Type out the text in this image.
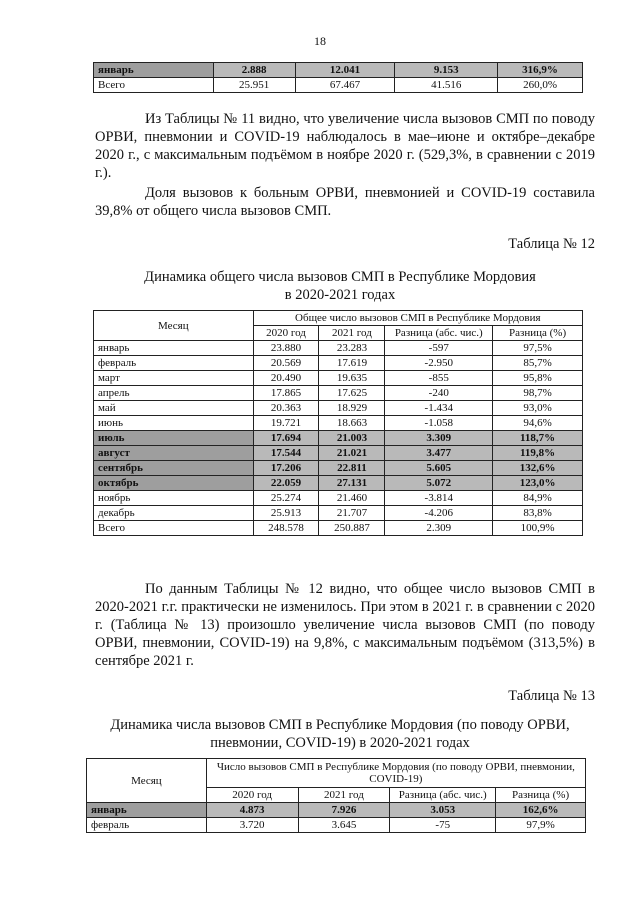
18
январь	2.888	12.041	9.153	316,9%
Всего	25.951	67.467	41.516	260,0%

Из Таблицы № 11 видно, что увеличение числа вызовов СМП по поводу ОРВИ, пневмонии и COVID-19 наблюдалось в мае–июне и октябре–декабре 2020 г., с максимальным подъёмом в ноябре 2020 г. (529,3%, в сравнении с 2019 г.).

Доля вызовов к больным ОРВИ, пневмонией и COVID-19 составила 39,8% от общего числа вызовов СМП.

Таблица № 12
Динамика общего числа вызовов СМП в Республике Мордовия
в 2020-2021 годах
Месяц	Общее число вызовов СМП в Республике Мордовия			
	2020 год	2021 год	Разница (абс. чис.)	Разница (%)
январь	23.880	23.283	-597	97,5%
февраль	20.569	17.619	-2.950	85,7%
март	20.490	19.635	-855	95,8%
апрель	17.865	17.625	-240	98,7%
май	20.363	18.929	-1.434	93,0%
июнь	19.721	18.663	-1.058	94,6%
июль	17.694	21.003	3.309	118,7%
август	17.544	21.021	3.477	119,8%
сентябрь	17.206	22.811	5.605	132,6%
октябрь	22.059	27.131	5.072	123,0%
ноябрь	25.274	21.460	-3.814	84,9%
декабрь	25.913	21.707	-4.206	83,8%
Всего	248.578	250.887	2.309	100,9%

По данным Таблицы № 12 видно, что общее число вызовов СМП в 2020-2021 г.г. практически не изменилось. При этом в 2021 г. в сравнении с 2020 г. (Таблица № 13) произошло увеличение числа вызовов СМП (по поводу ОРВИ, пневмонии, COVID-19) на 9,8%, с максимальным подъёмом (313,5%) в сентябре 2021 г.

Таблица № 13
Динамика числа вызовов СМП в Республике Мордовия (по поводу ОРВИ,
пневмонии, COVID-19) в 2020-2021 годах
Месяц	Число вызовов СМП в Республике Мордовия (по поводу ОРВИ, пневмонии, COVID-19)			
	2020 год	2021 год	Разница (абс. чис.)	Разница (%)
январь	4.873	7.926	3.053	162,6%
февраль	3.720	3.645	-75	97,9%
